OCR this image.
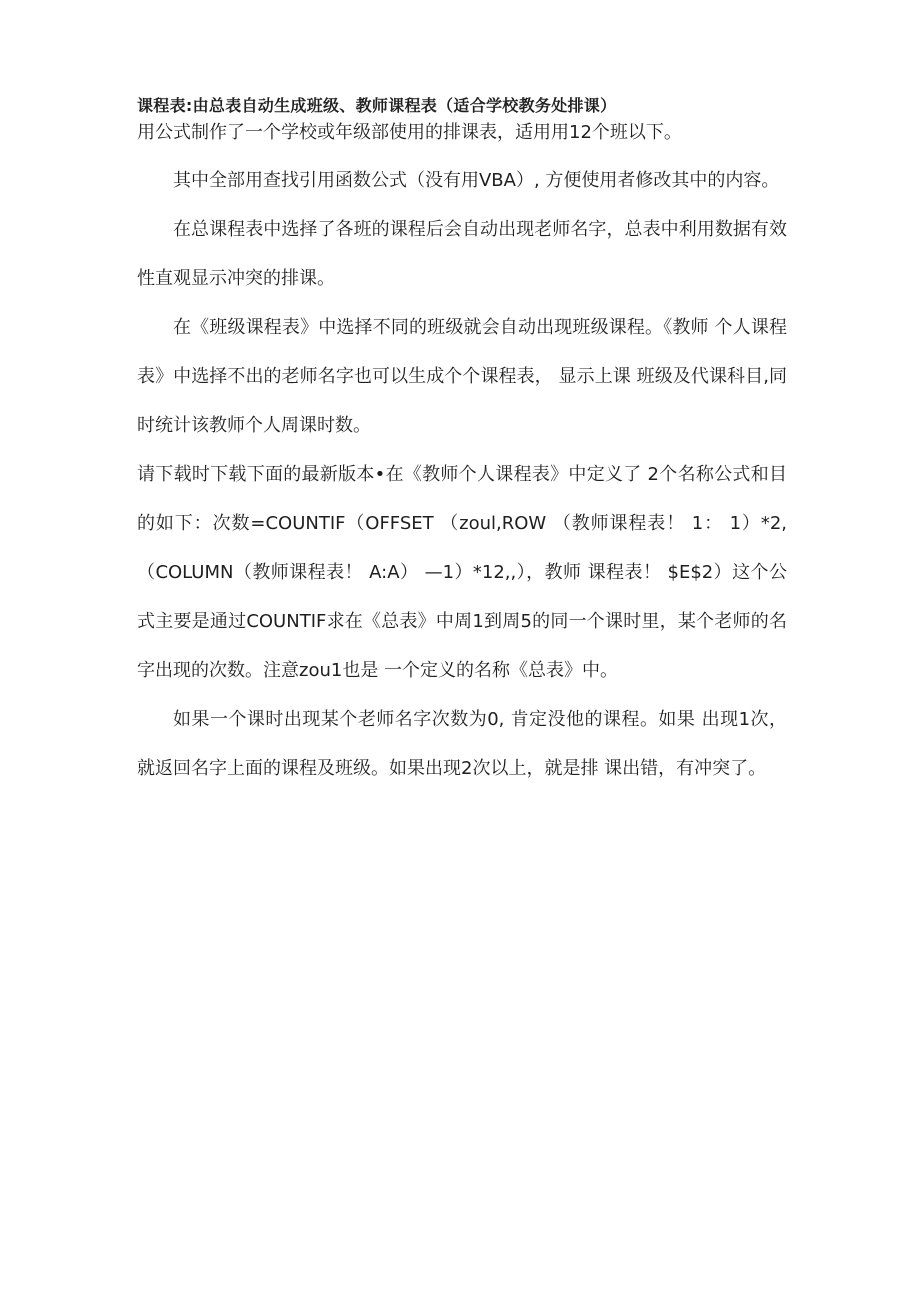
课程表:由总表自动生成班级、教师课程表（适合学校教务处排课）

用公式制作了一个学校或年级部使用的排课表，适用用12个班以下。

其中全部用查找引用函数公式（没有用VBA）, 方便使用者修改其中的内容。

在总课程表中选择了各班的课程后会自动出现老师名字，总表中利用数据有效性直观显示冲突的排课。

在《班级课程表》中选择不同的班级就会自动出现班级课程。《教师 个人课程表》中选择不出的老师名字也可以生成个个课程表， 显示上课 班级及代课科目,同时统计该教师个人周课时数。

请下载时下载下面的最新版本•在《教师个人课程表》中定义了 2个名称公式和目的如下：次数=COUNTIF（OFFSET （zoul,ROW （教师课程表！ 1： 1）*2, （COLUMN（教师课程表！ A:A） —1）*12,,），教师 课程表！ $E$2）这个公式主要是通过COUNTIF求在《总表》中周1到周5的同一个课时里，某个老师的名字出现的次数。注意zou1也是 一个定义的名称《总表》中。

如果一个课时出现某个老师名字次数为0, 肯定没他的课程。如果 出现1次，就返回名字上面的课程及班级。如果出现2次以上，就是排 课出错，有冲突了。
